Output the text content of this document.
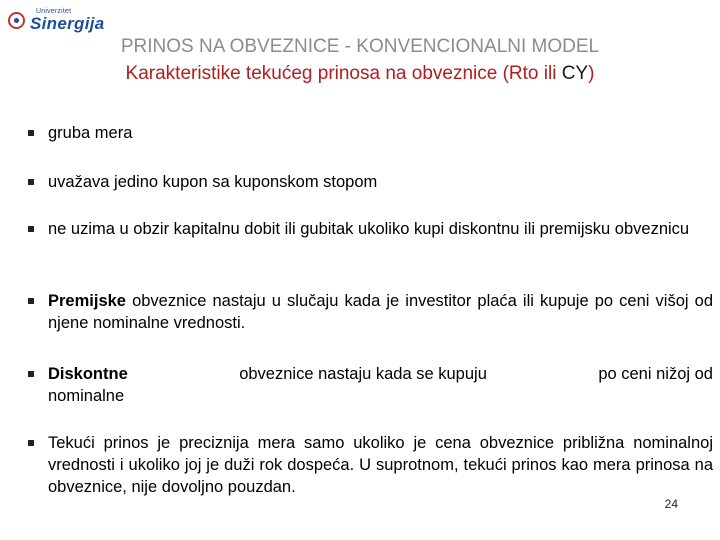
Univerzitet
Sinergija
PRINOS NA OBVEZNICE - KONVENCIONALNI MODEL
Karakteristike tekućeg prinosa na obveznice (Rto ili CY)
gruba mera
uvažava jedino kupon sa kuponskom stopom
ne uzima u obzir kapitalnu dobit ili gubitak ukoliko kupi diskontnu ili premijsku obveznicu
Premijske obveznice nastaju u slučaju kada je investitor plaća ili kupuje po ceni višoj od njene nominalne vrednosti.
Diskontne	obveznice nastaju kada se kupuju	po ceni nižoj od
nominalne
Tekući prinos je preciznija mera samo ukoliko je cena obveznice približna nominalnoj vrednosti i ukoliko joj je duži rok dospeća. U suprotnom, tekući prinos kao mera prinosa na obveznice, nije dovoljno pouzdan.
24
